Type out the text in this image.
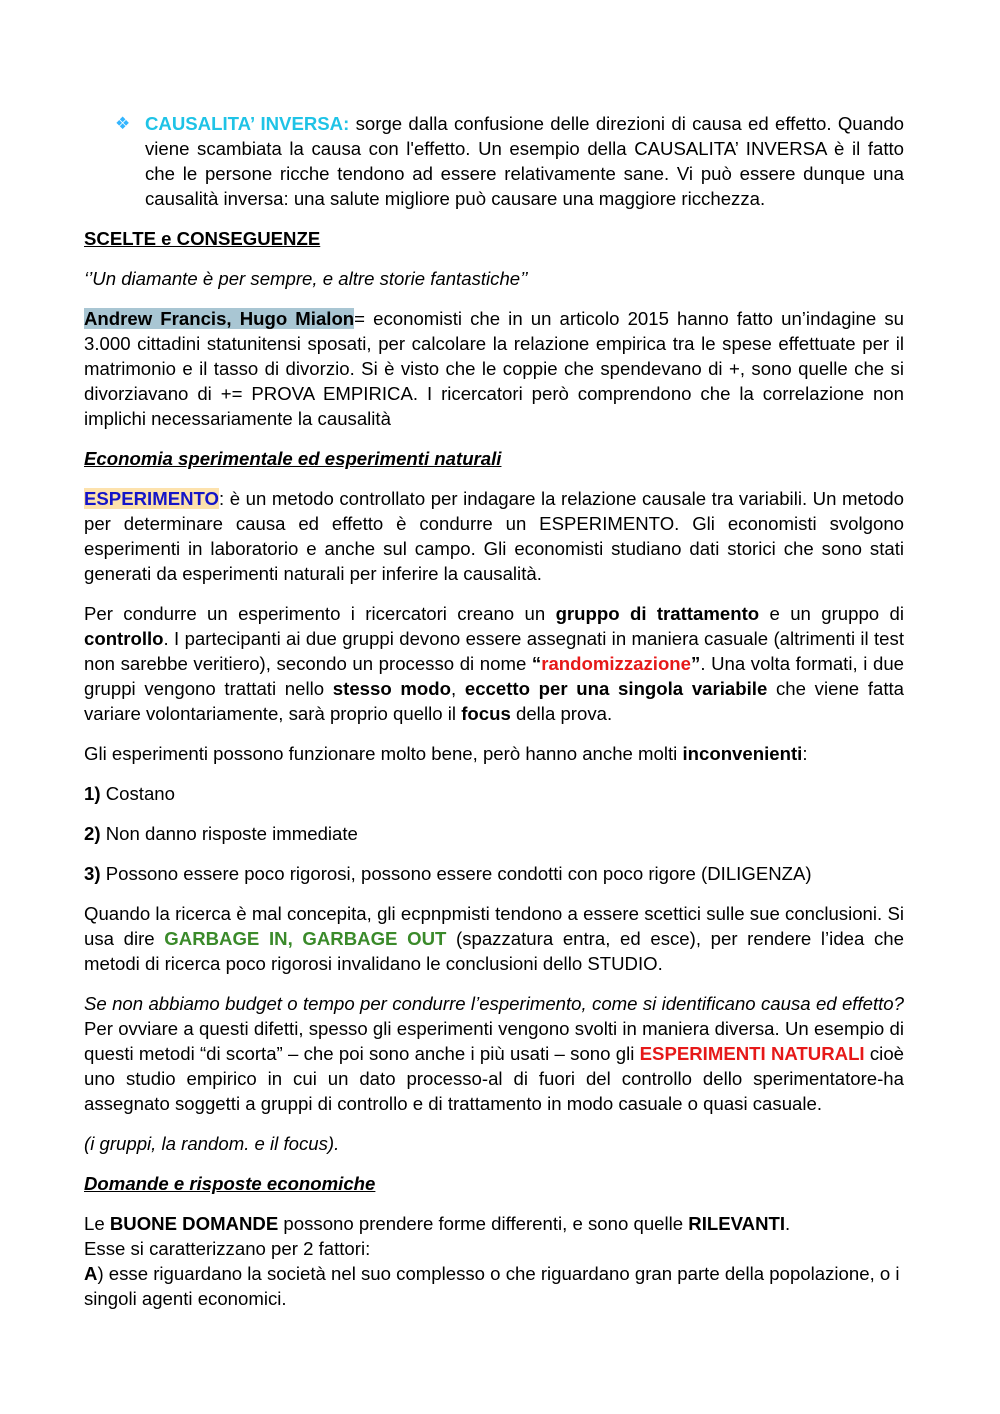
❖ CAUSALITA’ INVERSA: sorge dalla confusione delle direzioni di causa ed effetto. Quando viene scambiata la causa con l'effetto. Un esempio della CAUSALITA’ INVERSA è il fatto che le persone ricche tendono ad essere relativamente sane. Vi può essere dunque una causalità inversa: una salute migliore può causare una maggiore ricchezza.

SCELTE e CONSEGUENZE

‘’Un diamante è per sempre, e altre storie fantastiche’’

Andrew Francis, Hugo Mialon= economisti che in un articolo 2015 hanno fatto un’indagine su 3.000 cittadini statunitensi sposati, per calcolare la relazione empirica tra le spese effettuate per il matrimonio e il tasso di divorzio. Si è visto che le coppie che spendevano di +, sono quelle che si divorziavano di += PROVA EMPIRICA. I ricercatori però comprendono che la correlazione non implichi necessariamente la causalità

Economia sperimentale ed esperimenti naturali

ESPERIMENTO: è un metodo controllato per indagare la relazione causale tra variabili. Un metodo per determinare causa ed effetto è condurre un ESPERIMENTO. Gli economisti svolgono esperimenti in laboratorio e anche sul campo. Gli economisti studiano dati storici che sono stati generati da esperimenti naturali per inferire la causalità.

Per condurre un esperimento i ricercatori creano un gruppo di trattamento e un gruppo di controllo. I partecipanti ai due gruppi devono essere assegnati in maniera casuale (altrimenti il test non sarebbe veritiero), secondo un processo di nome “randomizzazione”. Una volta formati, i due gruppi vengono trattati nello stesso modo, eccetto per una singola variabile che viene fatta variare volontariamente, sarà proprio quello il focus della prova.

Gli esperimenti possono funzionare molto bene, però hanno anche molti inconvenienti:

1) Costano

2) Non danno risposte immediate

3) Possono essere poco rigorosi, possono essere condotti con poco rigore (DILIGENZA)

Quando la ricerca è mal concepita, gli ecpnpmisti tendono a essere scettici sulle sue conclusioni. Si usa dire GARBAGE IN, GARBAGE OUT (spazzatura entra, ed esce), per rendere l’idea che metodi di ricerca poco rigorosi invalidano le conclusioni dello STUDIO.

Se non abbiamo budget o tempo per condurre l’esperimento, come si identificano causa ed effetto?Per ovviare a questi difetti, spesso gli esperimenti vengono svolti in maniera diversa. Un esempio di questi metodi “di scorta” – che poi sono anche i più usati – sono gli ESPERIMENTI NATURALI cioè uno studio empirico in cui un dato processo-al di fuori del controllo dello sperimentatore-ha assegnato soggetti a gruppi di controllo e di trattamento in modo casuale o quasi casuale.

(i gruppi, la random. e il focus).

Domande e risposte economiche

Le BUONE DOMANDE possono prendere forme differenti, e sono quelle RILEVANTI.

Esse si caratterizzano per 2 fattori:

A) esse riguardano la società nel suo complesso o che riguardano gran parte della popolazione, o i singoli agenti economici.
